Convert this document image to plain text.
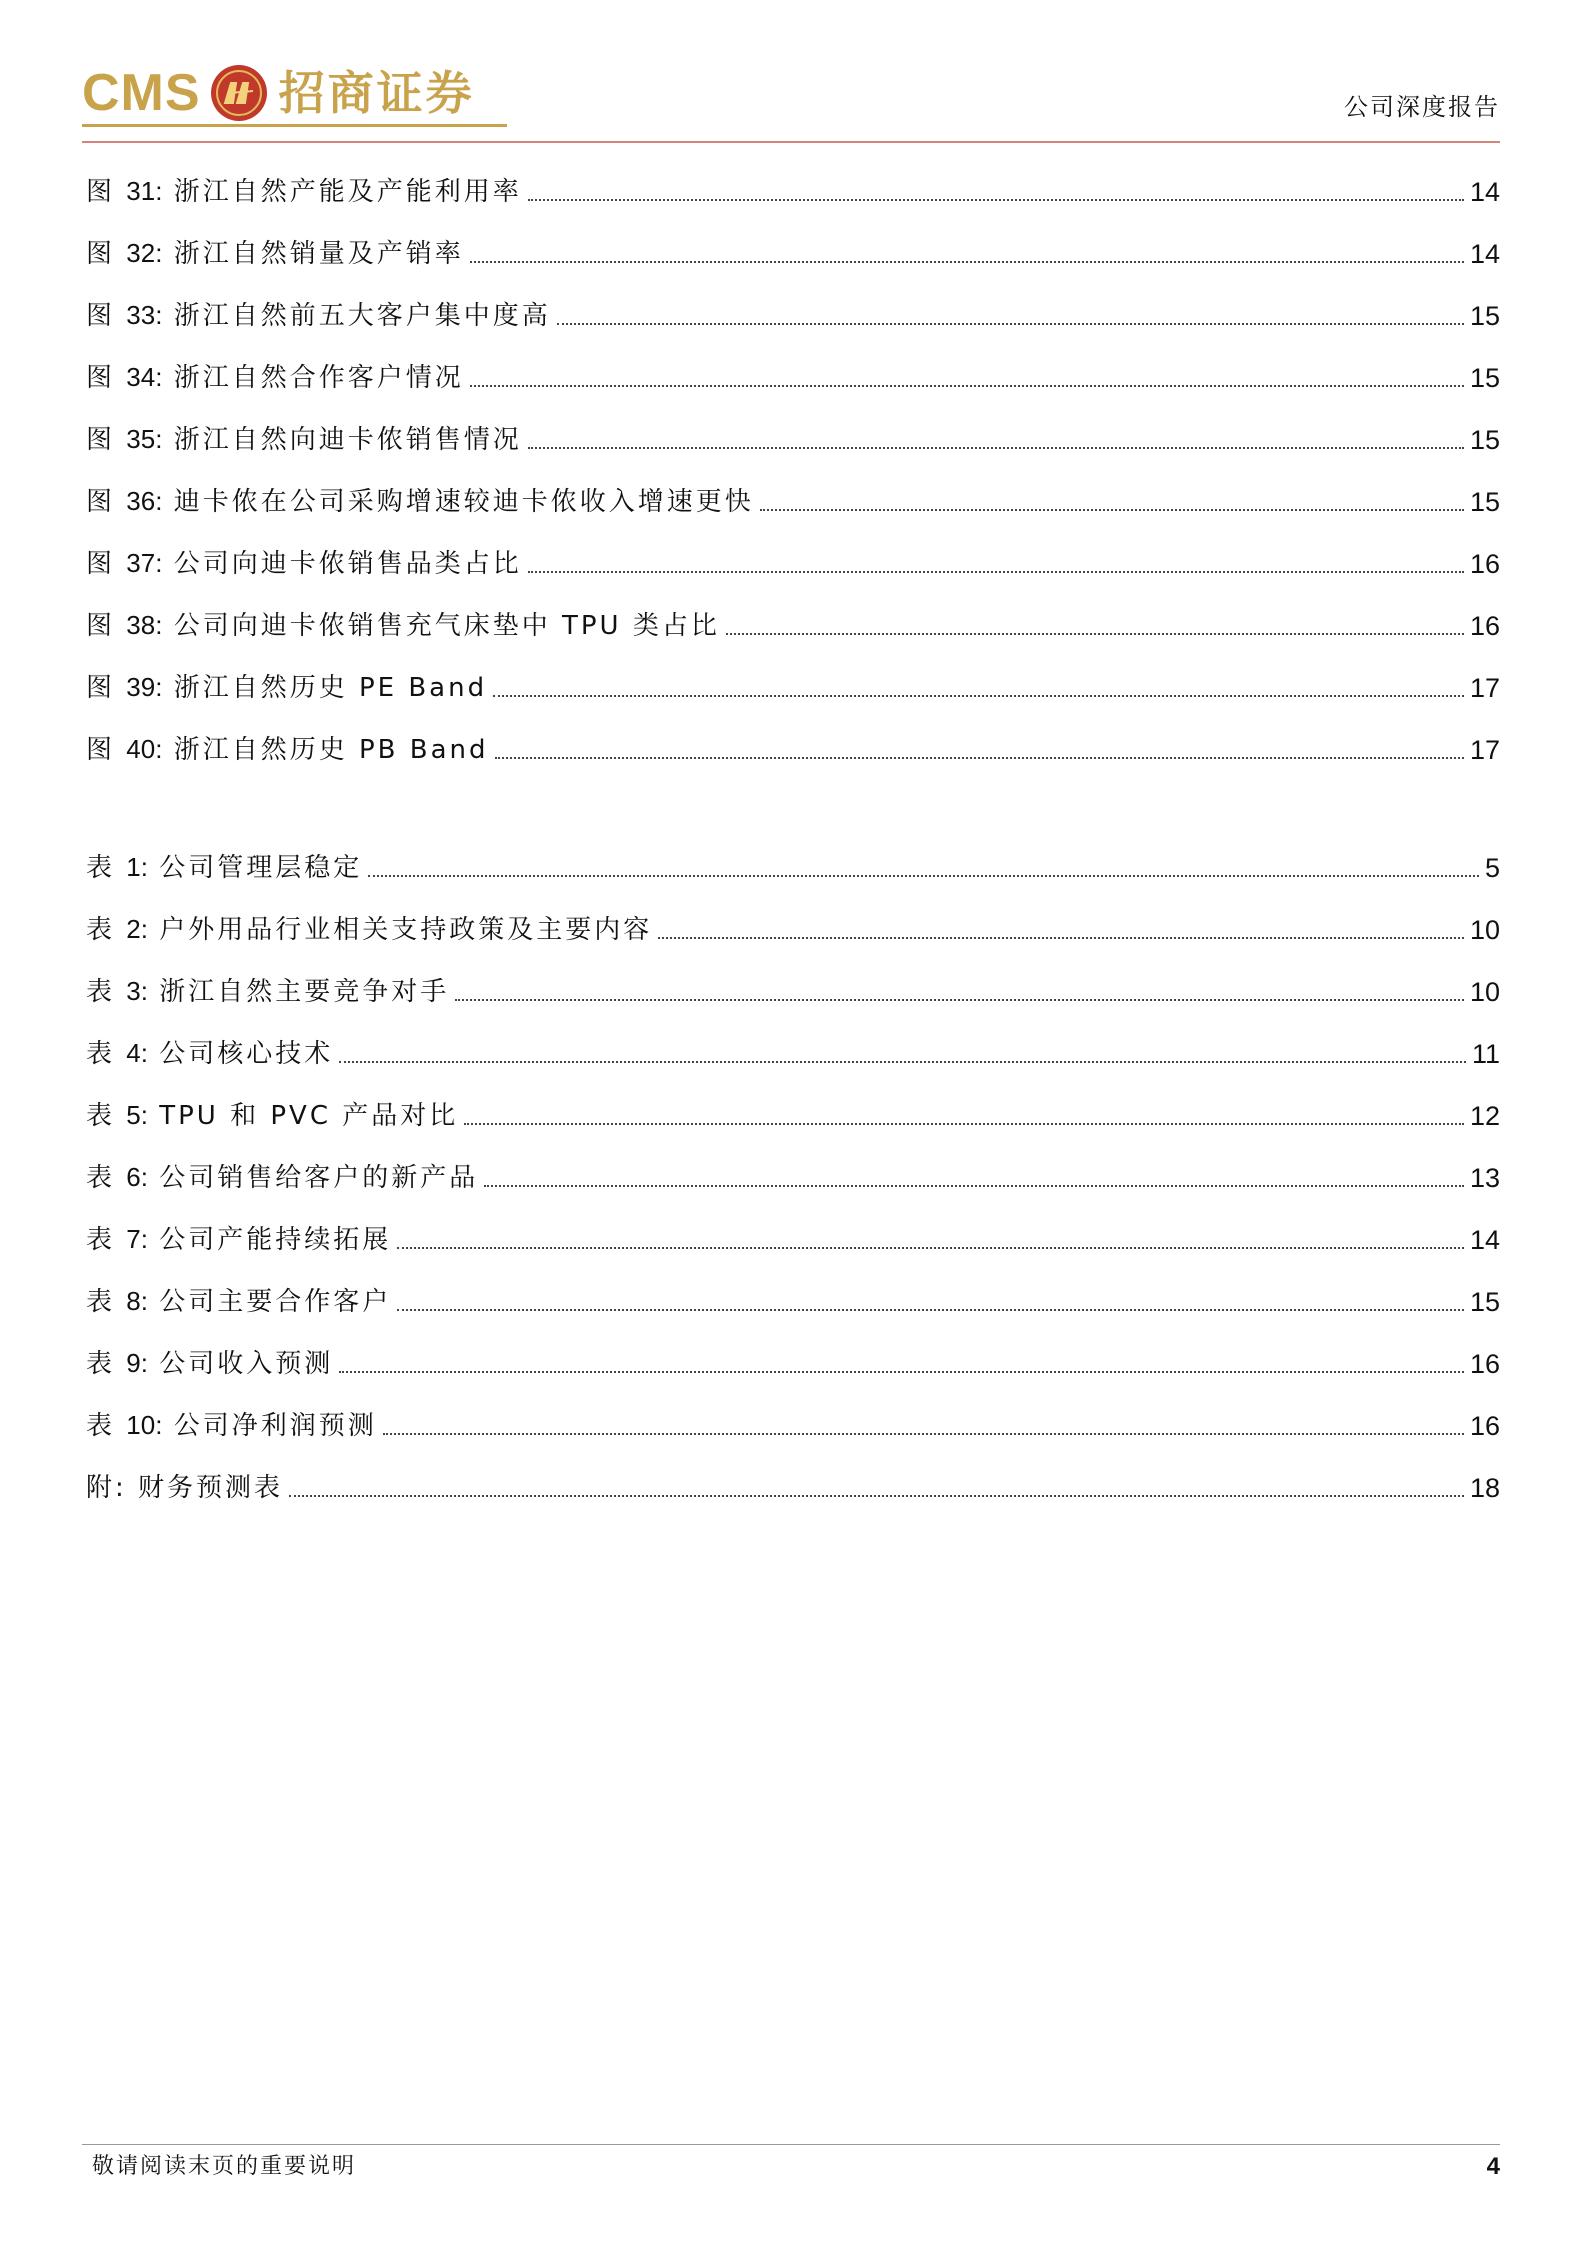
CMS 招商证券	公司深度报告
图 31: 浙江自然产能及产能利用率	14
图 32: 浙江自然销量及产销率	14
图 33: 浙江自然前五大客户集中度高	15
图 34: 浙江自然合作客户情况	15
图 35: 浙江自然向迪卡侬销售情况	15
图 36: 迪卡侬在公司采购增速较迪卡侬收入增速更快	15
图 37: 公司向迪卡侬销售品类占比	16
图 38: 公司向迪卡侬销售充气床垫中 TPU 类占比	16
图 39: 浙江自然历史 PE Band	17
图 40: 浙江自然历史 PB Band	17
表 1: 公司管理层稳定	5
表 2: 户外用品行业相关支持政策及主要内容	10
表 3: 浙江自然主要竞争对手	10
表 4: 公司核心技术	11
表 5: TPU 和 PVC 产品对比	12
表 6: 公司销售给客户的新产品	13
表 7: 公司产能持续拓展	14
表 8: 公司主要合作客户	15
表 9: 公司收入预测	16
表 10: 公司净利润预测	16
附: 财务预测表	18
敬请阅读末页的重要说明	4
